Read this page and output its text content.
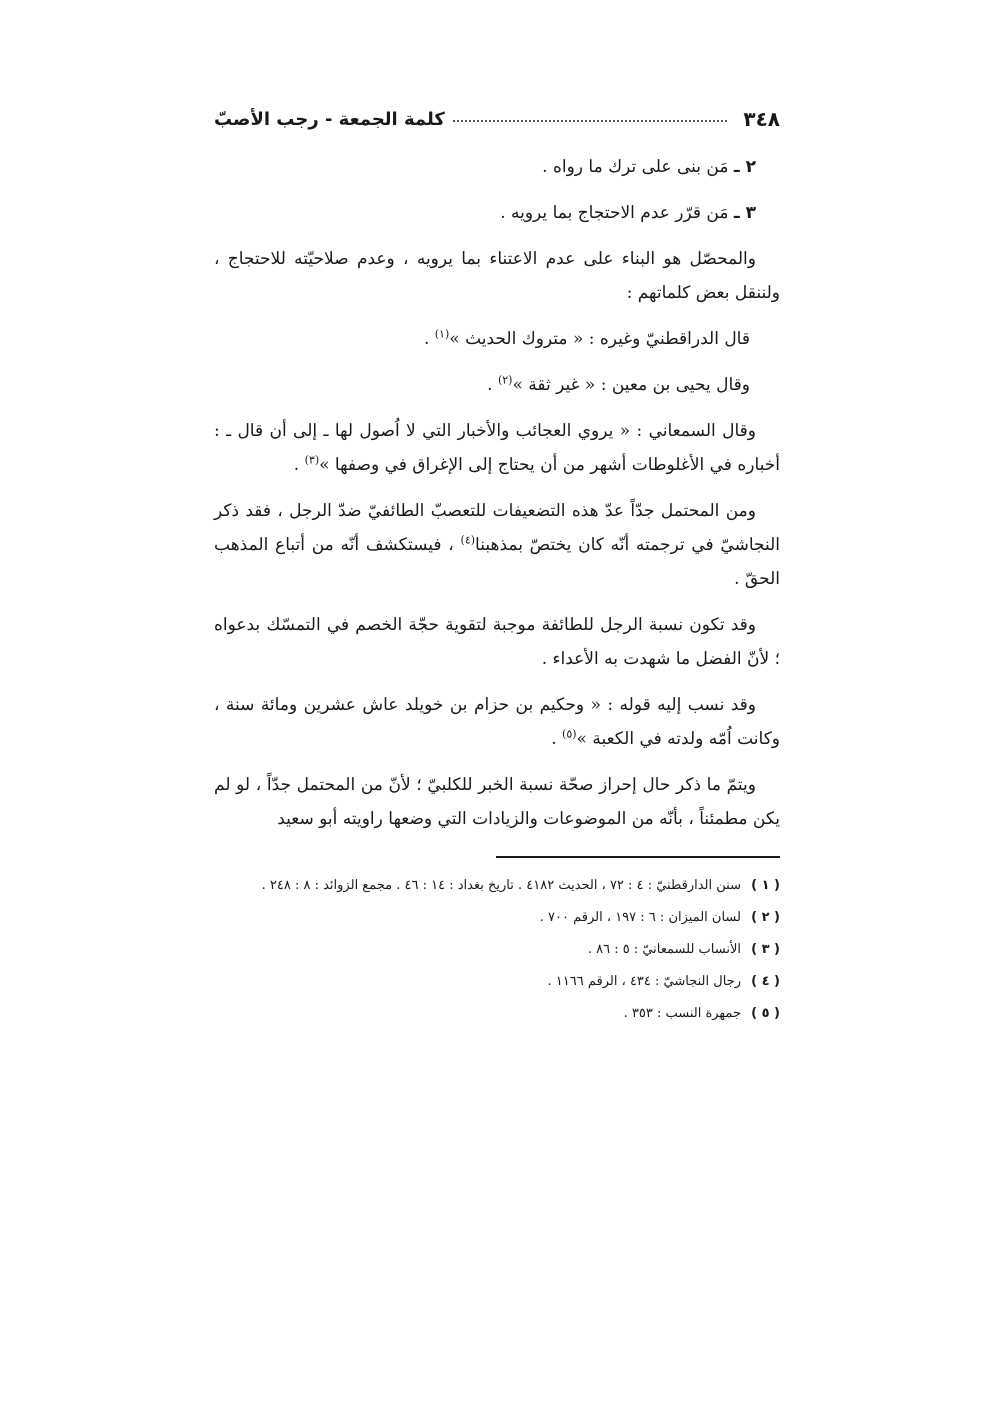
٣٤٨
كلمة الجمعة - رجب الأصبّ

٢ ـ مَن بنى على ترك ما رواه .

٣ ـ مَن قرّر عدم الاحتجاج بما يرويه .

والمحصّل هو البناء على عدم الاعتناء بما يرويه ، وعدم صلاحيّته للاحتجاج ، ولننقل بعض كلماتهم :

قال الدراقطنيّ وغيره : « متروك الحديث »$^{(١)}$ .

وقال يحيى بن معين : « غير ثقة »$^{(٢)}$ .

وقال السمعاني : « يروي العجائب والأخبار التي لا اُصول لها ـ إلى أن قال ـ : أخباره في الأغلوطات أشهر من أن يحتاج إلى الإغراق في وصفها »$^{(٣)}$ .

ومن المحتمل جدّاً عدّ هذه التضعيفات للتعصبّ الطائفيّ ضدّ الرجل ، فقد ذكر النجاشيّ في ترجمته أنّه كان يختصّ بمذهبنا$^{(٤)}$ ، فيستكشف أنّه من أتباع المذهب الحقّ .

وقد تكون نسبة الرجل للطائفة موجبة لتقوية حجّة الخصم في التمسّك بدعواه ؛ لأنّ الفضل ما شهدت به الأعداء .

وقد نسب إليه قوله : « وحكيم بن حزام بن خويلد عاش عشرين ومائة سنة ، وكانت اُمّه ولدته في الكعبة »$^{(٥)}$ .

ويتمّ ما ذكر حال إحراز صحّة نسبة الخبر للكلبيّ ؛ لأنّ من المحتمل جدّاً ، لو لم يكن مطمئناً ، بأنّه من الموضوعات والزيادات التي وضعها راويته أبو سعيد

( ١ ) سنن الدارقطنيّ : ٤ : ٧٢ ، الحديث ٤١٨٢ . تاريخ بغداد : ١٤ : ٤٦ . مجمع الزوائد : ٨ : ٢٤٨ .

( ٢ ) لسان الميزان : ٦ : ١٩٧ ، الرقم ٧٠٠ .

( ٣ ) الأنساب للسمعانيّ : ٥ : ٨٦ .

( ٤ ) رجال النجاشيّ : ٤٣٤ ، الرقم ١١٦٦ .

( ٥ ) جمهرة النسب : ٣٥٣ .
